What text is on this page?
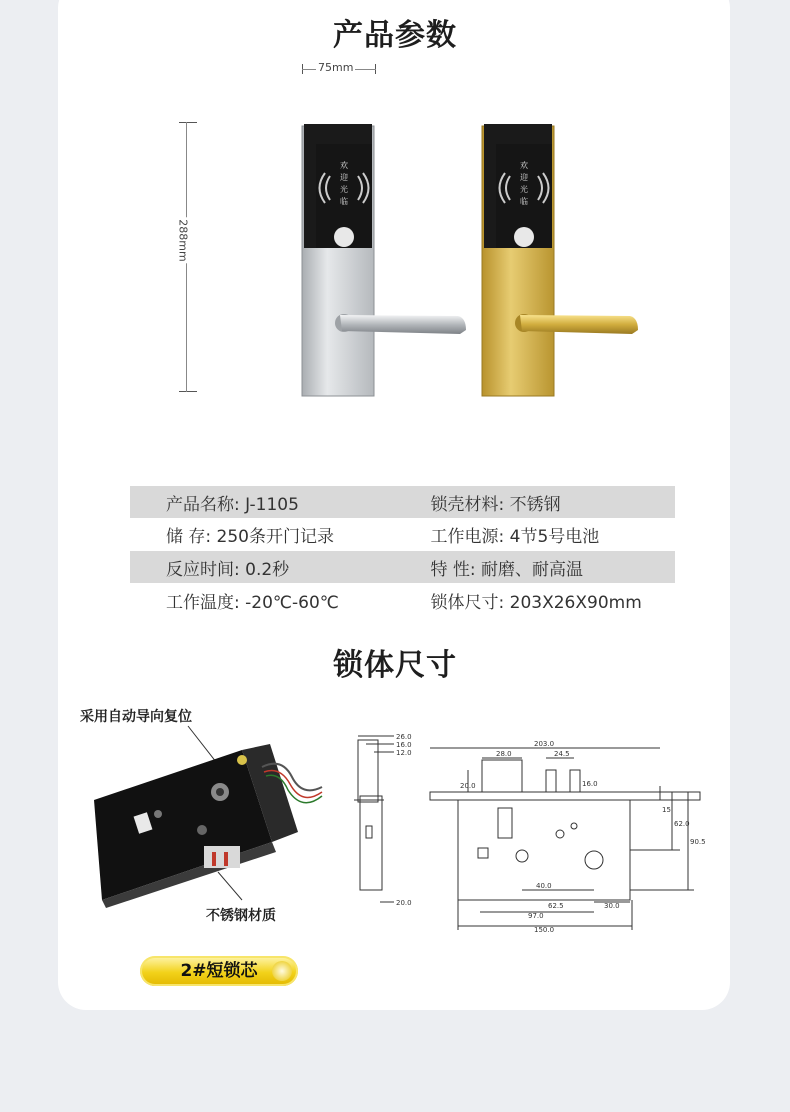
产品参数
75mm
288mm
欢
迎
光
临
欢
迎
光
临
产品名称: J-1105	锁壳材料: 不锈钢
储 存: 250条开门记录	工作电源: 4节5号电池
反应时间: 0.2秒	特 性: 耐磨、耐高温
工作温度: -20℃-60℃	锁体尺寸: 203X26X90mm
锁体尺寸
采用自动导向复位
不锈钢材质
26.0
16.0
12.0
20.0
203.0
28.0	24.5
20.0	16.0
15
62.0
90.5
40.0
62.5	30.0
97.0
150.0
2#短锁芯
